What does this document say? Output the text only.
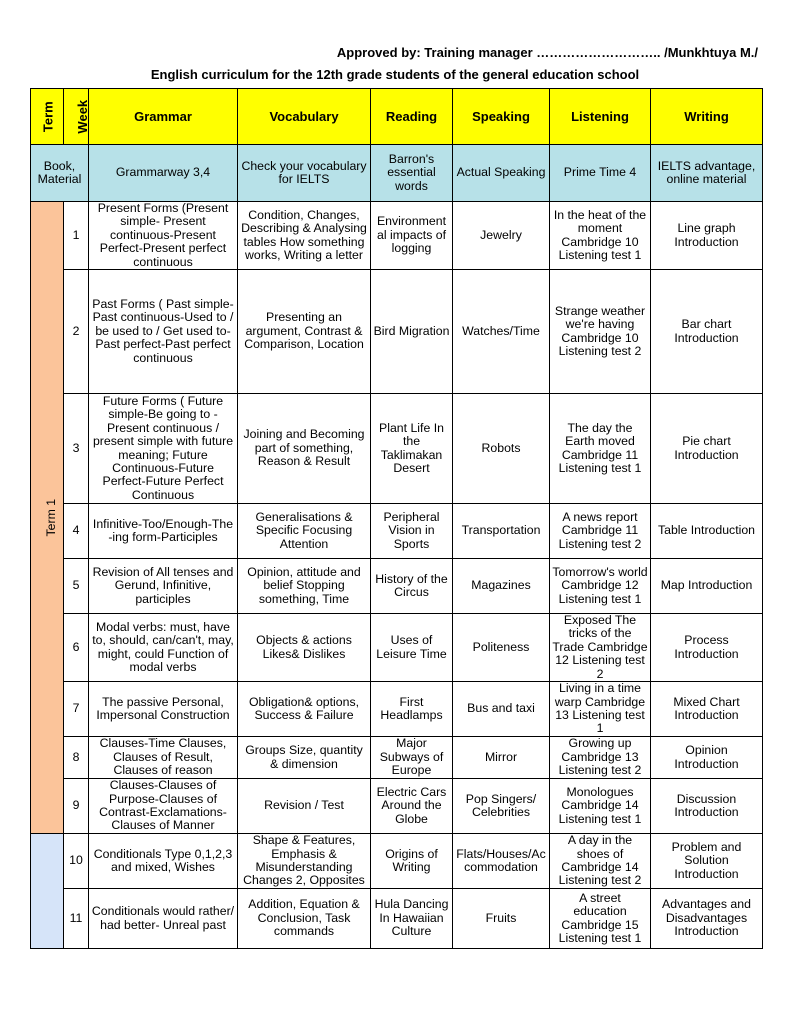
Approved by: Training manager ……………………….. /Munkhtuya M./
English curriculum for the 12th grade students of the general education school
Term	Week	Grammar	Vocabulary	Reading	Speaking	Listening	Writing
Book, Material		Grammarway 3,4	Check your vocabulary for IELTS	Barron's essential words	Actual Speaking	Prime Time 4	IELTS advantage, online material
Term 1	1	Present Forms (Present simple- Present continuous-Present Perfect-Present perfect continuous	Condition, Changes, Describing & Analysing tables How something works, Writing a letter	Environment al impacts of logging	Jewelry	In the heat of the moment Cambridge 10 Listening test 1	Line graph Introduction
	2	Past Forms ( Past simple- Past continuous-Used to / be used to / Get used to-Past perfect-Past perfect continuous	Presenting an argument, Contrast & Comparison, Location	Bird Migration	Watches/Time	Strange weather we're having Cambridge 10 Listening test 2	Bar chart Introduction
	3	Future Forms ( Future simple-Be going to - Present continuous / present simple with future meaning; Future Continuous-Future Perfect-Future Perfect Continuous	Joining and Becoming part of something, Reason & Result	Plant Life In the Taklimakan Desert	Robots	The day the Earth moved Cambridge 11 Listening test 1	Pie chart Introduction
	4	Infinitive-Too/Enough-The -ing form-Participles	Generalisations & Specific Focusing Attention	Peripheral Vision in Sports	Transportation	A news report Cambridge 11 Listening test 2	Table Introduction
	5	Revision of All tenses and Gerund, Infinitive, participles	Opinion, attitude and belief Stopping something, Time	History of the Circus	Magazines	Tomorrow's world Cambridge 12 Listening test 1	Map Introduction
	6	Modal verbs: must, have to, should, can/can't, may, might, could Function of modal verbs	Objects & actions Likes& Dislikes	Uses of Leisure Time	Politeness	Exposed The tricks of the Trade Cambridge 12 Listening test 2	Process Introduction
	7	The passive Personal, Impersonal Construction	Obligation& options, Success & Failure	First Headlamps	Bus and taxi	Living in a time warp Cambridge 13 Listening test 1	Mixed Chart Introduction
	8	Clauses-Time Clauses, Clauses of Result, Clauses of reason	Groups Size, quantity & dimension	Major Subways of Europe	Mirror	Growing up Cambridge 13 Listening test 2	Opinion Introduction
	9	Clauses-Clauses of Purpose-Clauses of Contrast-Exclamations-Clauses of Manner	Revision / Test	Electric Cars Around the Globe	Pop Singers/ Celebrities	Monologues Cambridge 14 Listening test 1	Discussion Introduction
	10	Conditionals Type 0,1,2,3 and mixed, Wishes	Shape & Features, Emphasis & Misunderstanding Changes 2, Opposites	Origins of Writing	Flats/Houses/Ac commodation	A day in the shoes of Cambridge 14 Listening test 2	Problem and Solution Introduction
	11	Conditionals would rather/ had better- Unreal past	Addition, Equation & Conclusion, Task commands	Hula Dancing In Hawaiian Culture	Fruits	A street education Cambridge 15 Listening test 1	Advantages and Disadvantages Introduction
